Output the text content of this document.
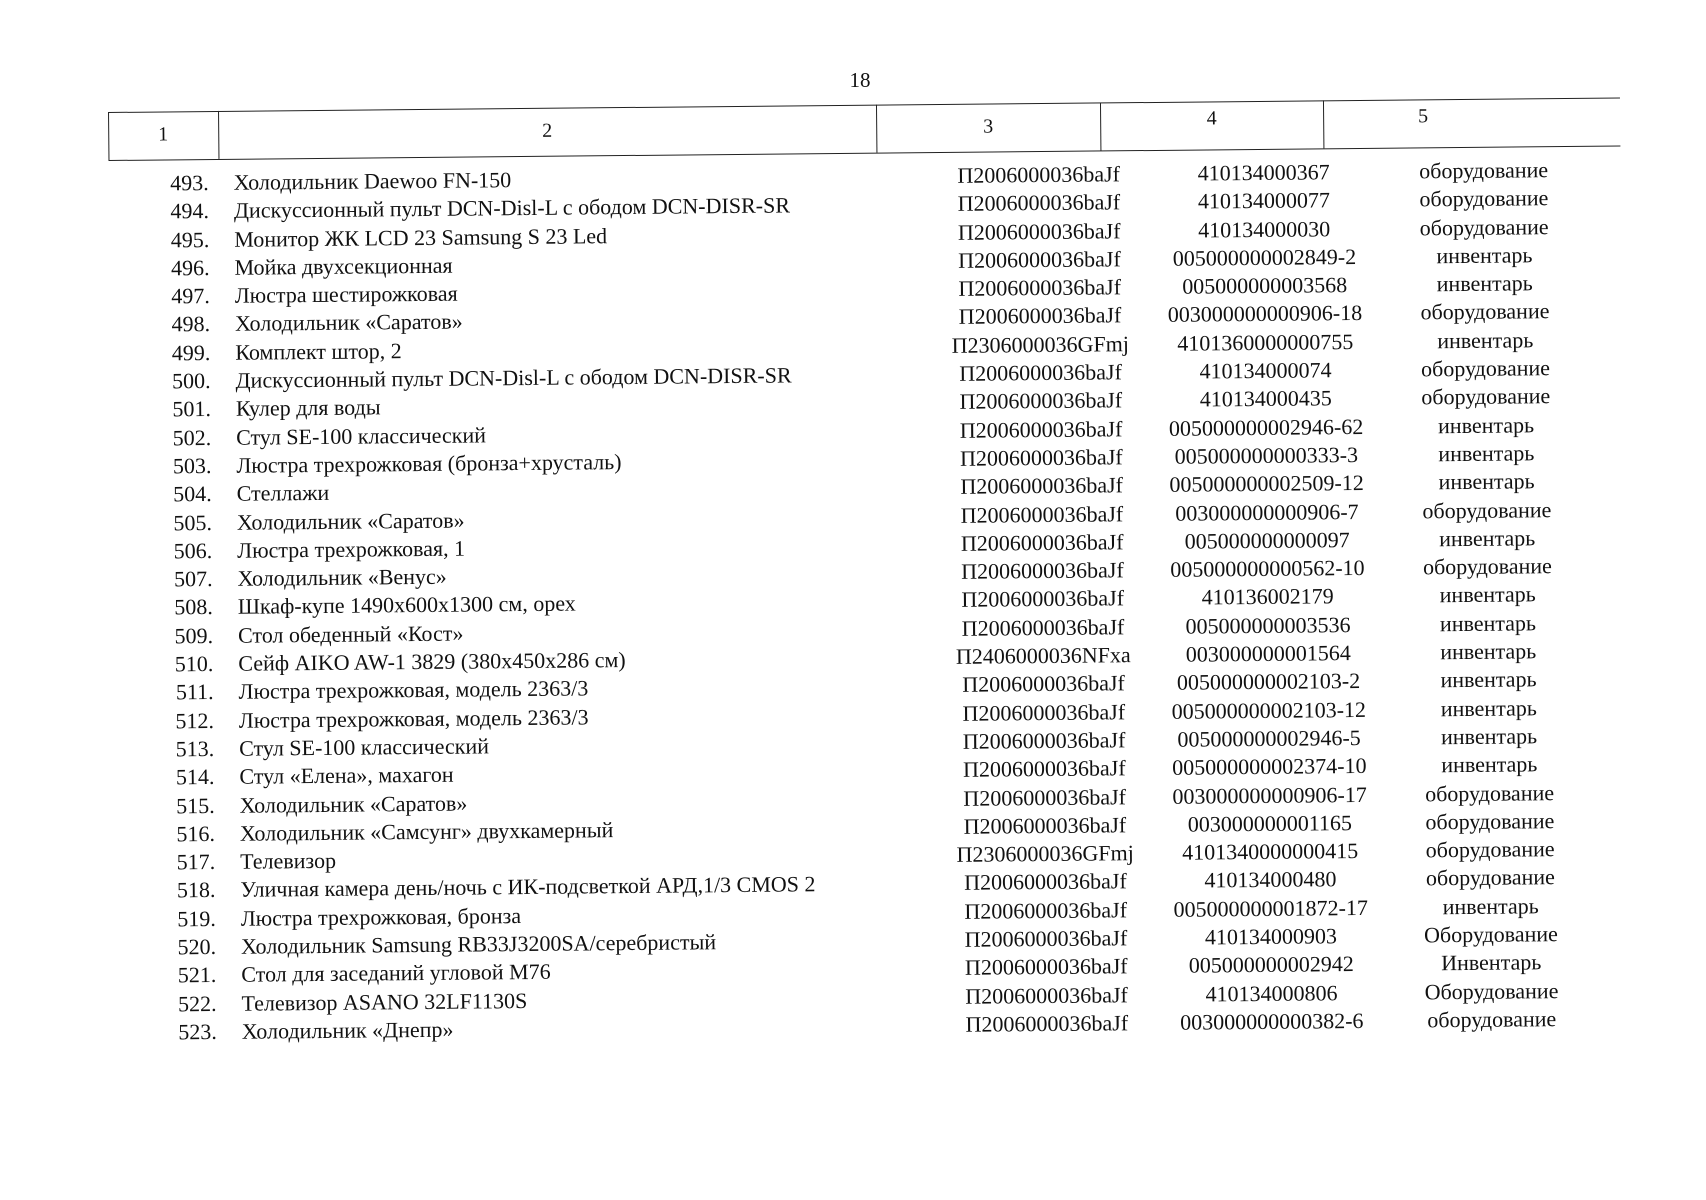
18
1	2	3	4	5
493. Холодильник Daewoo FN-150	П2006000036baJf	410134000367	оборудование
494. Дискуссионный пульт DCN-Disl-L с ободом DCN-DISR-SR	П2006000036baJf	410134000077	оборудование
495. Монитор ЖК LCD 23 Samsung S 23 Led	П2006000036baJf	410134000030	оборудование
496. Мойка двухсекционная	П2006000036baJf	005000000002849-2	инвентарь
497. Люстра шестирожковая	П2006000036baJf	005000000003568	инвентарь
498. Холодильник «Саратов»	П2006000036baJf	003000000000906-18	оборудование
499. Комплект штор, 2	П2306000036GFmj	4101360000000755	инвентарь
500. Дискуссионный пульт DCN-Disl-L с ободом DCN-DISR-SR	П2006000036baJf	410134000074	оборудование
501. Кулер для воды	П2006000036baJf	410134000435	оборудование
502. Стул SE-100 классический	П2006000036baJf	005000000002946-62	инвентарь
503. Люстра трехрожковая (бронза+хрусталь)	П2006000036baJf	005000000000333-3	инвентарь
504. Стеллажи	П2006000036baJf	005000000002509-12	инвентарь
505. Холодильник «Саратов»	П2006000036baJf	003000000000906-7	оборудование
506. Люстра трехрожковая, 1	П2006000036baJf	005000000000097	инвентарь
507. Холодильник «Венус»	П2006000036baJf	005000000000562-10	оборудование
508. Шкаф-купе 1490х600х1300 см, орех	П2006000036baJf	410136002179	инвентарь
509. Стол обеденный «Кост»	П2006000036baJf	005000000003536	инвентарь
510. Сейф AIKO AW-1 3829 (380х450х286 см)	П2406000036NFxa	003000000001564	инвентарь
511. Люстра трехрожковая, модель 2363/3	П2006000036baJf	005000000002103-2	инвентарь
512. Люстра трехрожковая, модель 2363/3	П2006000036baJf	005000000002103-12	инвентарь
513. Стул SE-100 классический	П2006000036baJf	005000000002946-5	инвентарь
514. Стул «Елена», махагон	П2006000036baJf	005000000002374-10	инвентарь
515. Холодильник «Саратов»	П2006000036baJf	003000000000906-17	оборудование
516. Холодильник «Самсунг» двухкамерный	П2006000036baJf	003000000001165	оборудование
517. Телевизор	П2306000036GFmj	4101340000000415	оборудование
518. Уличная камера день/ночь с ИК-подсветкой АРД,1/3 CMOS 2	П2006000036baJf	410134000480	оборудование
519. Люстра трехрожковая, бронза	П2006000036baJf	005000000001872-17	инвентарь
520. Холодильник Samsung RB33J3200SA/серебристый	П2006000036baJf	410134000903	Оборудование
521. Стол для заседаний угловой М76	П2006000036baJf	005000000002942	Инвентарь
522. Телевизор ASANO 32LF1130S	П2006000036baJf	410134000806	Оборудование
523. Холодильник «Днепр»	П2006000036baJf	003000000000382-6	оборудование
